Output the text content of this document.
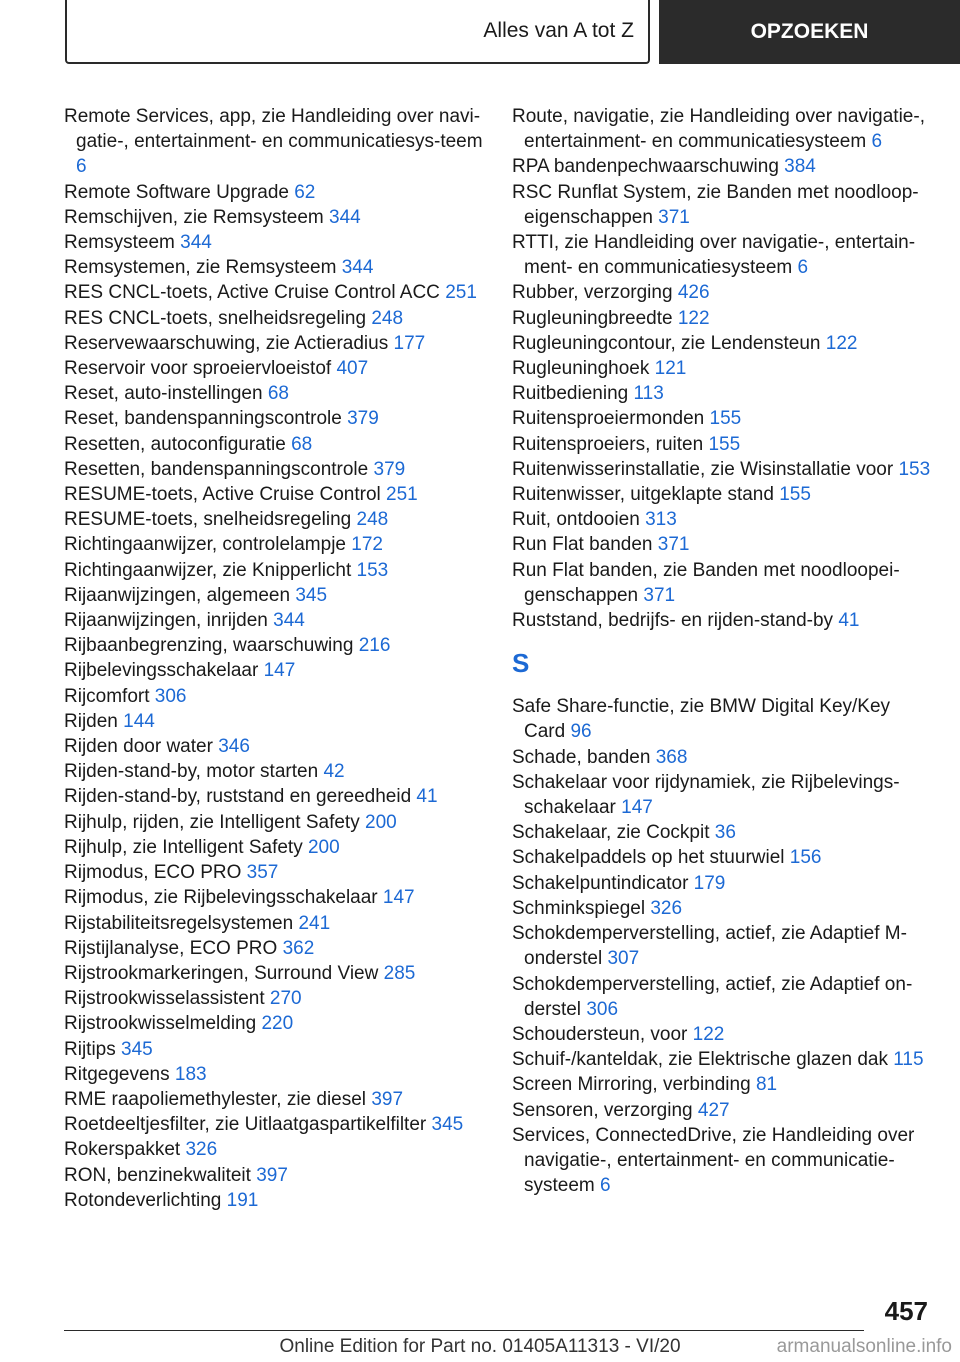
Alles van A tot Z	OPZOEKEN
Remote Services, app, zie Handleiding over navi-gatie-, entertainment- en communicatiesys-teem 6
Remote Software Upgrade 62
Remschijven, zie Remsysteem 344
Remsysteem 344
Remsystemen, zie Remsysteem 344
RES CNCL-toets, Active Cruise Control ACC 251
RES CNCL-toets, snelheidsregeling 248
Reservewaarschuwing, zie Actieradius 177
Reservoir voor sproeiervloeistof 407
Reset, auto-instellingen 68
Reset, bandenspanningscontrole 379
Resetten, autoconfiguratie 68
Resetten, bandenspanningscontrole 379
RESUME-toets, Active Cruise Control 251
RESUME-toets, snelheidsregeling 248
Richtingaanwijzer, controlelampje 172
Richtingaanwijzer, zie Knipperlicht 153
Rijaanwijzingen, algemeen 345
Rijaanwijzingen, inrijden 344
Rijbaanbegrenzing, waarschuwing 216
Rijbelevingsschakelaar 147
Rijcomfort 306
Rijden 144
Rijden door water 346
Rijden-stand-by, motor starten 42
Rijden-stand-by, ruststand en gereedheid 41
Rijhulp, rijden, zie Intelligent Safety 200
Rijhulp, zie Intelligent Safety 200
Rijmodus, ECO PRO 357
Rijmodus, zie Rijbelevingsschakelaar 147
Rijstabiliteitsregelsystemen 241
Rijstijlanalyse, ECO PRO 362
Rijstrookmarkeringen, Surround View 285
Rijstrookwisselassistent 270
Rijstrookwisselmelding 220
Rijtips 345
Ritgegevens 183
RME raapoliemethylester, zie diesel 397
Roetdeeltjesfilter, zie Uitlaatgaspartikelfilter 345
Rokerspakket 326
RON, benzinekwaliteit 397
Rotondeverlichting 191
Route, navigatie, zie Handleiding over navigatie-, entertainment- en communicatiesysteem 6
RPA bandenpechwaarschuwing 384
RSC Runflat System, zie Banden met noodloop-eigenschappen 371
RTTI, zie Handleiding over navigatie-, entertain-ment- en communicatiesysteem 6
Rubber, verzorging 426
Rugleuningbreedte 122
Rugleuningcontour, zie Lendensteun 122
Rugleuninghoek 121
Ruitbediening 113
Ruitensproeiermonden 155
Ruitensproeiers, ruiten 155
Ruitenwisserinstallatie, zie Wisinstallatie voor 153
Ruitenwisser, uitgeklapte stand 155
Ruit, ontdooien 313
Run Flat banden 371
Run Flat banden, zie Banden met noodloopei-genschappen 371
Ruststand, bedrijfs- en rijden-stand-by 41
S
Safe Share-functie, zie BMW Digital Key/Key Card 96
Schade, banden 368
Schakelaar voor rijdynamiek, zie Rijbelevings-schakelaar 147
Schakelaar, zie Cockpit 36
Schakelpaddels op het stuurwiel 156
Schakelpuntindicator 179
Schminkspiegel 326
Schokdemperverstelling, actief, zie Adaptief M-onderstel 307
Schokdemperverstelling, actief, zie Adaptief on-derstel 306
Schoudersteun, voor 122
Schuif-/kanteldak, zie Elektrische glazen dak 115
Screen Mirroring, verbinding 81
Sensoren, verzorging 427
Services, ConnectedDrive, zie Handleiding over navigatie-, entertainment- en communicatie-systeem 6
457
Online Edition for Part no. 01405A11313 - VI/20	armanualsonline.info
